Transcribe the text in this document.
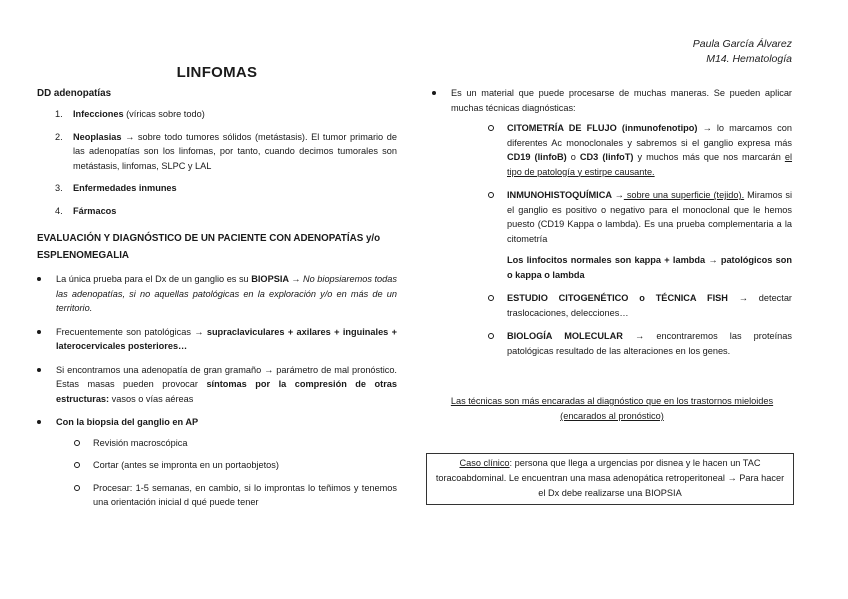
Paula García Álvarez
M14. Hematología
LINFOMAS
DD adenopatías
1. Infecciones (víricas sobre todo)
2. Neoplasias → sobre todo tumores sólidos (metástasis). El tumor primario de las adenopatías son los linfomas, por tanto, cuando decimos tumorales son metástasis, linfomas, SLPC y LAL
3. Enfermedades inmunes
4. Fármacos
EVALUACIÓN Y DIAGNÓSTICO DE UN PACIENTE CON ADENOPATÍAS y/o ESPLENOMEGALIA
La única prueba para el Dx de un ganglio es su BIOPSIA → No biopsiaremos todas las adenopatías, si no aquellas patológicas en la exploración y/o en más de un territorio.
Frecuentemente son patológicas → supraclaviculares + axilares + inguinales + laterocervicales posteriores…
Si encontramos una adenopatía de gran gramaño → parámetro de mal pronóstico. Estas masas pueden provocar síntomas por la compresión de otras estructuras: vasos o vías aéreas
Con la biopsia del ganglio en AP
Revisión macroscópica
Cortar (antes se impronta en un portaobjetos)
Procesar: 1-5 semanas, en cambio, si lo improntas lo teñimos y tenemos una orientación inicial d qué puede tener
Es un material que puede procesarse de muchas maneras. Se pueden aplicar muchas técnicas diagnósticas:
CITOMETRÍA DE FLUJO (inmunofenotipo) → lo marcamos con diferentes Ac monoclonales y sabremos si el ganglio expresa más CD19 (linfoB) o CD3 (linfoT) y muchos más que nos marcarán el tipo de patología y estirpe causante.
INMUNOHISTOQUÍMICA → sobre una superficie (tejido). Miramos si el ganglio es positivo o negativo para el monoclonal que le hemos puesto (CD19 Kappa o lambda). Es una prueba complementaria a la citometría
Los linfocitos normales son kappa + lambda → patológicos son o kappa o lambda
ESTUDIO CITOGENÉTICO o TÉCNICA FISH → detectar traslocaciones, delecciones…
BIOLOGÍA MOLECULAR → encontraremos las proteínas patológicas resultado de las alteraciones en los genes.
Las técnicas son más encaradas al diagnóstico que en los trastornos mieloides
(encarados al pronóstico)
Caso clínico: persona que llega a urgencias por disnea y le hacen un TAC toracoabdominal. Le encuentran una masa adenopática retroperitoneal → Para hacer el Dx debe realizarse una BIOPSIA
